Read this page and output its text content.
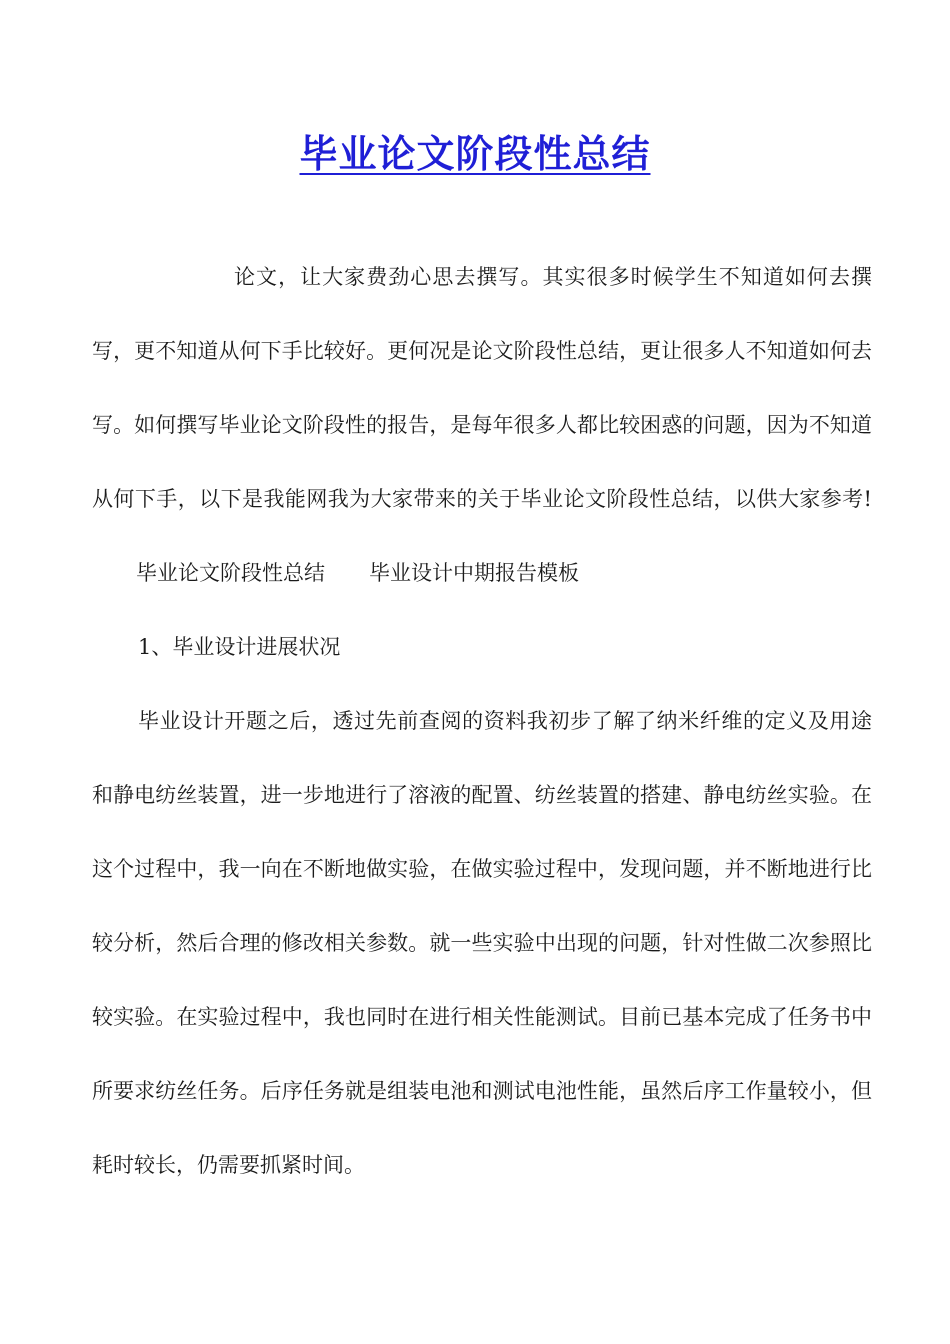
毕业论文阶段性总结

论文，让大家费劲心思去撰写。其实很多时候学生不知道如何去撰写，更不知道从何下手比较好。更何况是论文阶段性总结，更让很多人不知道如何去写。如何撰写毕业论文阶段性的报告，是每年很多人都比较困惑的问题，因为不知道从何下手，以下是我能网我为大家带来的关于毕业论文阶段性总结，以供大家参考!毕业论文阶段性总结 毕业设计中期报告模板

1、毕业设计进展状况

毕业设计开题之后，透过先前查阅的资料我初步了解了纳米纤维的定义及用途和静电纺丝装置，进一步地进行了溶液的配置、纺丝装置的搭建、静电纺丝实验。在这个过程中，我一向在不断地做实验，在做实验过程中，发现问题，并不断地进行比较分析，然后合理的修改相关参数。就一些实验中出现的问题，针对性做二次参照比较实验。在实验过程中，我也同时在进行相关性能测试。目前已基本完成了任务书中所要求纺丝任务。后序任务就是组装电池和测试电池性能，虽然后序工作量较小，但耗时较长，仍需要抓紧时间。
